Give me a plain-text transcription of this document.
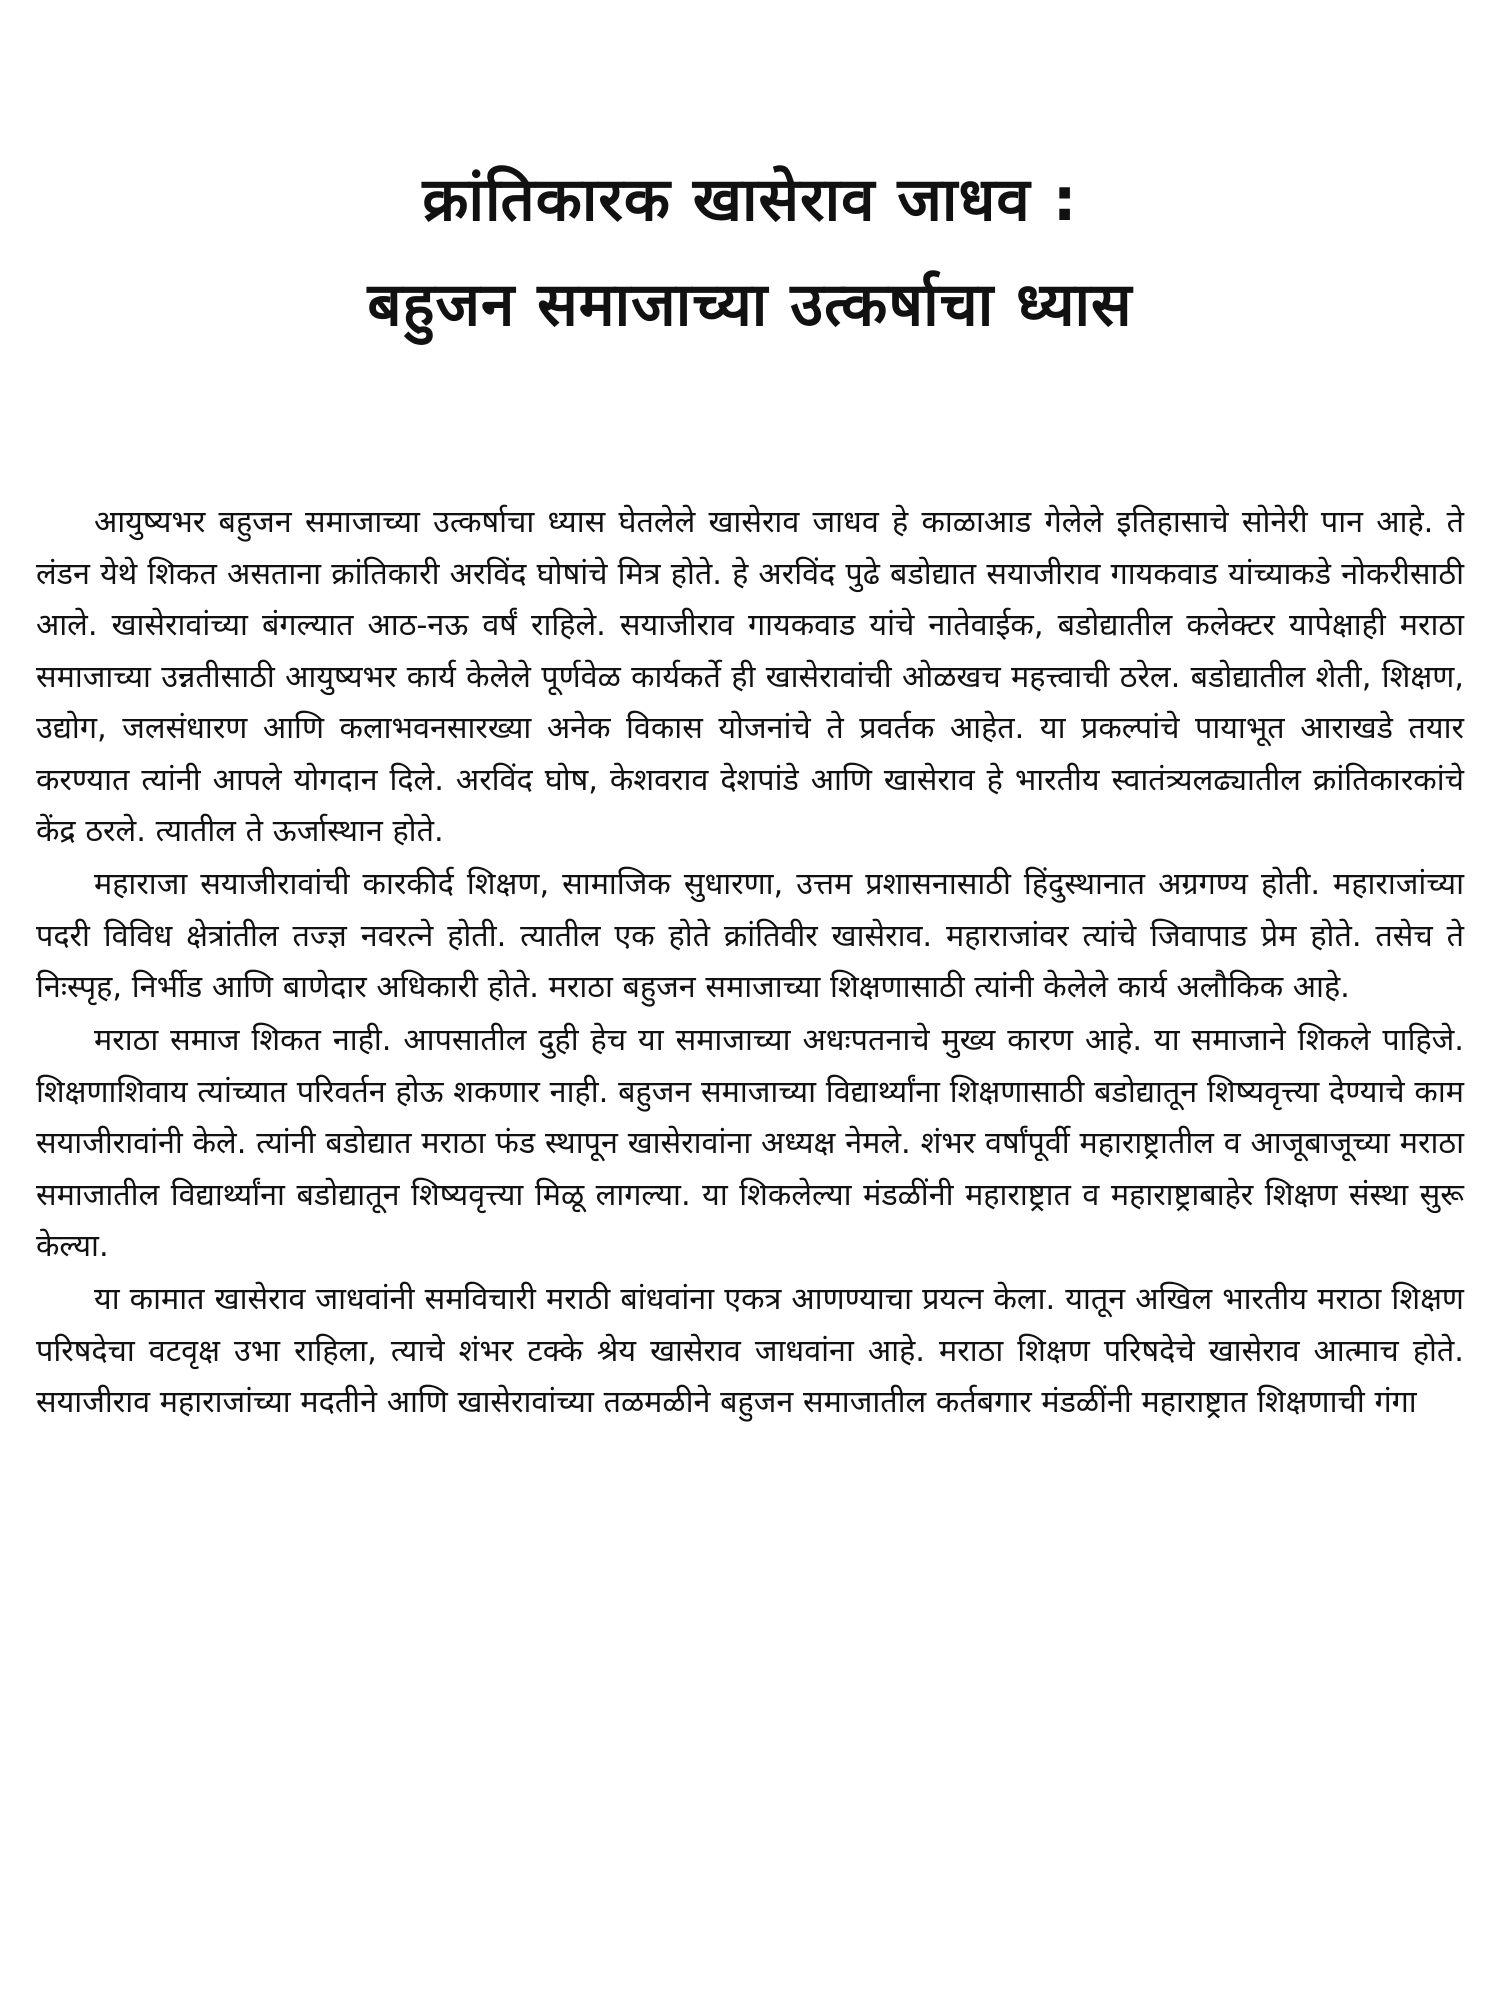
क्रांतिकारक खासेराव जाधव :
बहुजन समाजाच्या उत्कर्षाचा ध्यास

आयुष्यभर बहुजन समाजाच्या उत्कर्षाचा ध्यास घेतलेले खासेराव जाधव हे काळाआड गेलेले इतिहासाचे सोनेरी पान आहे. ते लंडन येथे शिकत असताना क्रांतिकारी अरविंद घोषांचे मित्र होते. हे अरविंद पुढे बडोद्यात सयाजीराव गायकवाड यांच्याकडे नोकरीसाठी आले. खासेरावांच्या बंगल्यात आठ-नऊ वर्षं राहिले. सयाजीराव गायकवाड यांचे नातेवाईक, बडोद्यातील कलेक्टर यापेक्षाही मराठा समाजाच्या उन्नतीसाठी आयुष्यभर कार्य केलेले पूर्णवेळ कार्यकर्ते ही खासेरावांची ओळखच महत्त्वाची ठरेल. बडोद्यातील शेती, शिक्षण, उद्योग, जलसंधारण आणि कलाभवनसारख्या अनेक विकास योजनांचे ते प्रवर्तक आहेत. या प्रकल्पांचे पायाभूत आराखडे तयार करण्यात त्यांनी आपले योगदान दिले. अरविंद घोष, केशवराव देशपांडे आणि खासेराव हे भारतीय स्वातंत्र्यलढ्यातील क्रांतिकारकांचे केंद्र ठरले. त्यातील ते ऊर्जास्थान होते.

महाराजा सयाजीरावांची कारकीर्द शिक्षण, सामाजिक सुधारणा, उत्तम प्रशासनासाठी हिंदुस्थानात अग्रगण्य होती. महाराजांच्या पदरी विविध क्षेत्रांतील तज्ज्ञ नवरत्ने होती. त्यातील एक होते क्रांतिवीर खासेराव. महाराजांवर त्यांचे जिवापाड प्रेम होते. तसेच ते निःस्पृह, निर्भीड आणि बाणेदार अधिकारी होते. मराठा बहुजन समाजाच्या शिक्षणासाठी त्यांनी केलेले कार्य अलौकिक आहे.

मराठा समाज शिकत नाही. आपसातील दुही हेच या समाजाच्या अधःपतनाचे मुख्य कारण आहे. या समाजाने शिकले पाहिजे. शिक्षणाशिवाय त्यांच्यात परिवर्तन होऊ शकणार नाही. बहुजन समाजाच्या विद्यार्थ्यांना शिक्षणासाठी बडोद्यातून शिष्यवृत्त्या देण्याचे काम सयाजीरावांनी केले. त्यांनी बडोद्यात मराठा फंड स्थापून खासेरावांना अध्यक्ष नेमले. शंभर वर्षांपूर्वी महाराष्ट्रातील व आजूबाजूच्या मराठा समाजातील विद्यार्थ्यांना बडोद्यातून शिष्यवृत्त्या मिळू लागल्या. या शिकलेल्या मंडळींनी महाराष्ट्रात व महाराष्ट्राबाहेर शिक्षण संस्था सुरू केल्या.

या कामात खासेराव जाधवांनी समविचारी मराठी बांधवांना एकत्र आणण्याचा प्रयत्न केला. यातून अखिल भारतीय मराठा शिक्षण परिषदेचा वटवृक्ष उभा राहिला, त्याचे शंभर टक्के श्रेय खासेराव जाधवांना आहे. मराठा शिक्षण परिषदेचे खासेराव आत्माच होते. सयाजीराव महाराजांच्या मदतीने आणि खासेरावांच्या तळमळीने बहुजन समाजातील कर्तबगार मंडळींनी महाराष्ट्रात शिक्षणाची गंगा
